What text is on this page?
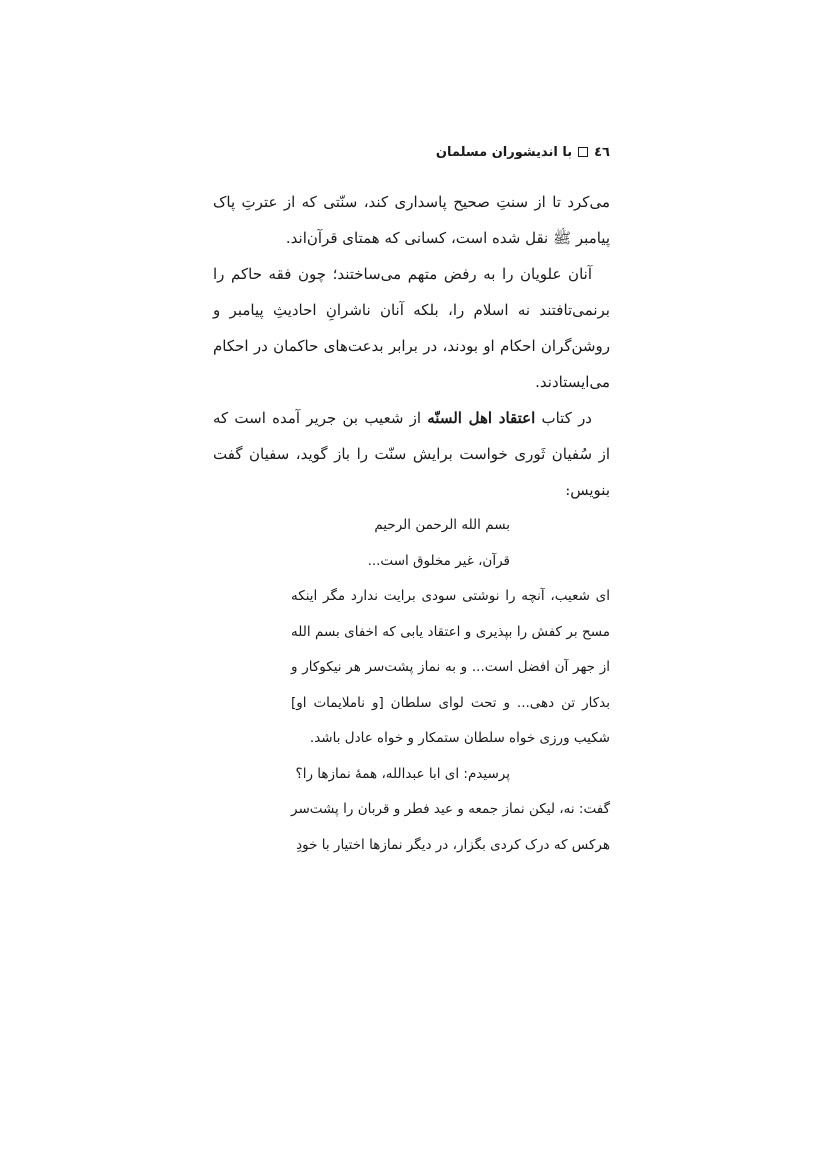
٤٦
با اندیشوران مسلمان

می‌کرد تا از سنتِ صحیح پاسداری کند، سنّتی که از عترتِ پاک پیامبر ﷺ نقل شده است، کسانی که همتای قرآن‌اند.

آنان علویان را به رفض متهم می‌ساختند؛ چون فقه حاکم را برنمی‌تافتند نه اسلام را، بلکه آنان ناشرانِ احادیثِ پیامبر و روشن‌گران احکام او بودند، در برابر بدعت‌های حاکمان در احکام می‌ایستادند.

در کتاب اعتقاد اهل السنّه از شعیب بن جریر آمده است که از سُفیان ثَوری خواست برایش سنّت را باز گوید، سفیان گفت بنویس:

بسم الله الرحمن الرحیم

قرآن، غیر مخلوق است...

ای شعیب، آنچه را نوشتی سودی برایت ندارد مگر اینکه مسح بر کفش را بپذیری و اعتقاد یابی که اخفای بسم الله از جهر آن افضل است... و به نماز پشت‌سر هر نیکوکار و بدکار تن دهی... و تحت لوای سلطان [و ناملایمات او] شکیب ورزی خواه سلطان ستمکار و خواه عادل باشد.

پرسیدم: ای ابا عبدالله، همهٔ نمازها را؟

گفت: نه، لیکن نماز جمعه و عید فطر و قربان را پشت‌سر هرکس که درک کردی بگزار، در دیگر نمازها اختیار با خودِ
